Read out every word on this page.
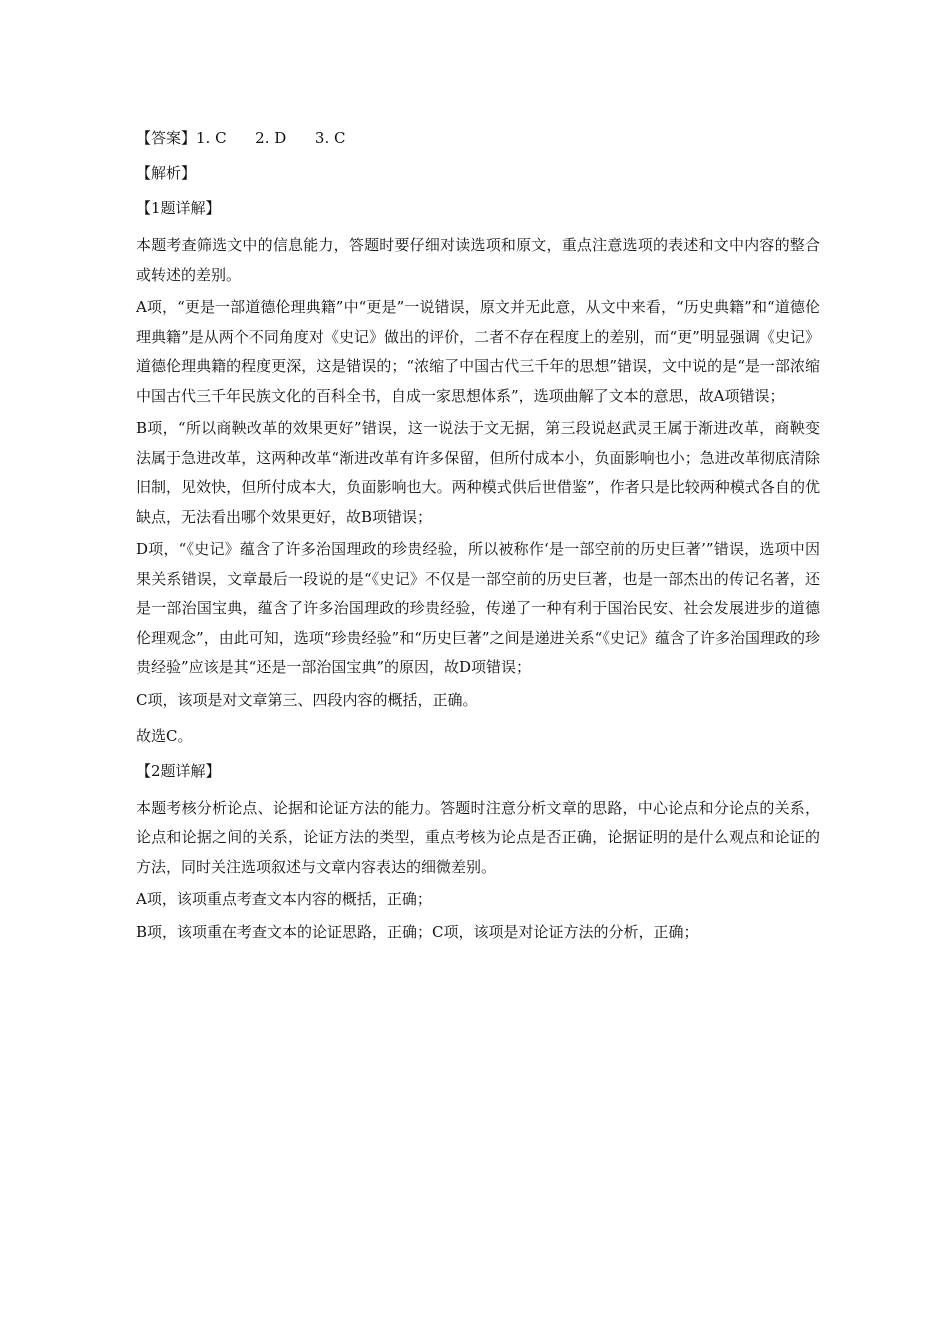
【答案】1. C      2. D      3. C
【解析】
【1题详解】

本题考查筛选文中的信息能力，答题时要仔细对读选项和原文，重点注意选项的表述和文中内容的整合或转述的差别。

A项，“更是一部道德伦理典籍”中“更是”一说错误，原文并无此意，从文中来看，“历史典籍”和“道德伦理典籍”是从两个不同角度对《史记》做出的评价，二者不存在程度上的差别，而“更”明显强调《史记》道德伦理典籍的程度更深，这是错误的；“浓缩了中国古代三千年的思想”错误，文中说的是“是一部浓缩中国古代三千年民族文化的百科全书，自成一家思想体系”，选项曲解了文本的意思，故A项错误；

B项，“所以商鞅改革的效果更好”错误，这一说法于文无据，第三段说赵武灵王属于渐进改革，商鞅变法属于急进改革，这两种改革“渐进改革有许多保留，但所付成本小，负面影响也小；急进改革彻底清除旧制，见效快，但所付成本大，负面影响也大。两种模式供后世借鉴”，作者只是比较两种模式各自的优缺点，无法看出哪个效果更好，故B项错误；

D项，“《史记》蕴含了许多治国理政的珍贵经验，所以被称作‘是一部空前的历史巨著’”错误，选项中因果关系错误，文章最后一段说的是“《史记》不仅是一部空前的历史巨著，也是一部杰出的传记名著，还是一部治国宝典，蕴含了许多治国理政的珍贵经验，传递了一种有利于国治民安、社会发展进步的道德伦理观念”，由此可知，选项“珍贵经验”和“历史巨著”之间是递进关系“《史记》蕴含了许多治国理政的珍贵经验”应该是其“还是一部治国宝典”的原因，故D项错误；

C项，该项是对文章第三、四段内容的概括，正确。

故选C。

【2题详解】

本题考核分析论点、论据和论证方法的能力。答题时注意分析文章的思路，中心论点和分论点的关系，论点和论据之间的关系，论证方法的类型，重点考核为论点是否正确，论据证明的是什么观点和论证的方法，同时关注选项叙述与文章内容表达的细微差别。

A项，该项重点考查文本内容的概括，正确；

B项，该项重在考查文本的论证思路，正确；C项，该项是对论证方法的分析，正确；
